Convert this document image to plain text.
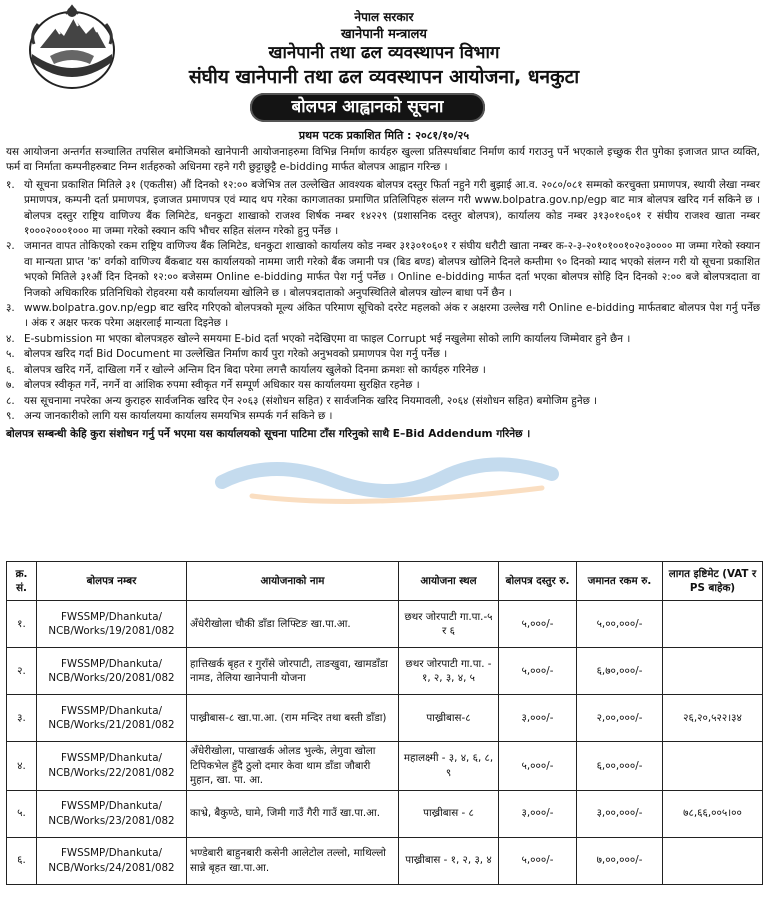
नेपाल सरकार
खानेपानी मन्त्रालय
खानेपानी तथा ढल व्यवस्थापन विभाग
संघीय खानेपानी तथा ढल व्यवस्थापन आयोजना, धनकुटा
बोलपत्र आह्वानको सूचना
प्रथम पटक प्रकाशित मिति : २०८१/१०/२५

यस आयोजना अन्तर्गत सञ्चालित तपसिल बमोजिमको खानेपानी आयोजनाहरुमा विभिन्न निर्माण कार्यहरु खुल्ला प्रतिस्पर्धाबाट निर्माण कार्य गराउनु पर्ने भएकाले इच्छुक रीत पुगेका इजाजत प्राप्त व्यक्ति, फर्म वा निर्माता कम्पनीहरुबाट निम्न शर्तहरुको अधिनमा रहने गरी छुट्टाछुट्टै e-bidding मार्फत बोलपत्र आह्वान गरिन्छ ।

१. यो सूचना प्रकाशित मितिले ३१ (एकतीस) औं दिनको १२:०० बजेभित्र तल उल्लेखित आवश्यक बोलपत्र दस्तुर फिर्ता नहुने गरी बुझाई आ.व. २०८०/०८१ सम्मको करचुक्ता प्रमाणपत्र, स्थायी लेखा नम्बर प्रमाणपत्र, कम्पनी दर्ता प्रमाणपत्र, इजाजत प्रमाणपत्र एवं म्याद थप गरेका कागजातका प्रमाणित प्रतिलिपिहरु संलग्न गरी www.bolpatra.gov.np/egp बाट मात्र बोलपत्र खरिद गर्न सकिने छ । बोलपत्र दस्तुर राष्ट्रिय वाणिज्य बैंक लिमिटेड, धनकुटा शाखाको राजश्व शिर्षक नम्बर १४२२९ (प्रशासनिक दस्तुर बोलपत्र), कार्यालय कोड नम्बर ३१३०१०६०१ र संघीय राजश्व खाता नम्बर १०००२०००१००० मा जम्मा गरेको स्क्यान कपि भौचर सहित संलग्न गरेको हुनु पर्नेछ ।
२. जमानत वापत तोकिएको रकम राष्ट्रिय वाणिज्य बैंक लिमिटेड, धनकुटा शाखाको कार्यालय कोड नम्बर ३१३०१०६०१ र संघीय धरौटी खाता नम्बर क-२-३-२०१०१००१०२०३०००० मा जम्मा गरेको स्क्यान वा मान्यता प्राप्त 'क' वर्गको वाणिज्य बैंकबाट यस कार्यालयको नाममा जारी गरेको बैंक जमानी पत्र (बिड बण्ड) बोलपत्र खोलिने दिनले कम्तीमा ९० दिनको म्याद भएको संलग्न गरी यो सूचना प्रकाशित भएको मितिले ३१औं दिन दिनको १२:०० बजेसम्म Online e-bidding मार्फत पेश गर्नु पर्नेछ । Online e-bidding मार्फत दर्ता भएका बोलपत्र सोहि दिन दिनको २:०० बजे बोलपत्रदाता वा निजको अधिकारिक प्रतिनिधिको रोहवरमा यसै कार्यालयमा खोलिने छ । बोलपत्रदाताको अनुपस्थितिले बोलपत्र खोल्न बाधा पर्ने छैन ।
३. www.bolpatra.gov.np/egp बाट खरिद गरिएको बोलपत्रको मूल्य अंकित परिमाण सूचिको दररेट महलको अंक र अक्षरमा उल्लेख गरी Online e-bidding मार्फतबाट बोलपत्र पेश गर्नु पर्नेछ । अंक र अक्षर फरक परेमा अक्षरलाई मान्यता दिइनेछ ।
४. E-submission मा भएका बोलपत्रहरु खोल्ने समयमा E-bid दर्ता भएको नदेखिएमा वा फाइल Corrupt भई नखुलेमा सोको लागि कार्यालय जिम्मेवार हुने छैन ।
५. बोलपत्र खरिद गर्दा Bid Document मा उल्लेखित निर्माण कार्य पुरा गरेको अनुभवको प्रमाणपत्र पेश गर्नु पर्नेछ ।
६. बोलपत्र खरिद गर्ने, दाखिला गर्ने र खोल्ने अन्तिम दिन बिदा परेमा लगत्तै कार्यालय खुलेको दिनमा क्रमशः सो कार्यहरु गरिनेछ ।
७. बोलपत्र स्वीकृत गर्ने, नगर्ने वा आंशिक रुपमा स्वीकृत गर्ने सम्पूर्ण अधिकार यस कार्यालयमा सुरक्षित रहनेछ ।
८. यस सूचनामा नपरेका अन्य कुराहरु सार्वजनिक खरिद ऐन २०६३ (संशोधन सहित) र सार्वजनिक खरिद नियमावली, २०६४ (संशोधन सहित) बमोजिम हुनेछ ।
९. अन्य जानकारीको लागि यस कार्यालयमा कार्यालय समयभित्र सम्पर्क गर्न सकिने छ ।

बोलपत्र सम्बन्धी केहि कुरा संशोधन गर्नु पर्ने भएमा यस कार्यालयको सूचना पाटिमा टाँस गरिनुको साथै E–Bid Addendum गरिनेछ ।

क्र. सं.	बोलपत्र नम्बर	आयोजनाको नाम	आयोजना स्थल	बोलपत्र दस्तुर रु.	जमानत रकम रु.	लागत इष्टिमेट (VAT र PS बाहेक)
१.	FWSSMP/Dhankuta/ NCB/Works/19/2081/082	अँधेरीखोला चौकी डाँडा लिफ्टिङ खा.पा.आ.	छथर जोरपाटी गा.पा.-५ र ६	५,०००/-	५,००,०००/-	
२.	FWSSMP/Dhankuta/ NCB/Works/20/2081/082	हात्तिखर्क बृहत र गुराँसे जोरपाटी, ताङखुवा, खामडाँडा नामड, तेलिया खानेपानी योजना	छथर जोरपाटी गा.पा. - १, २, ३, ४, ५	५,०००/-	६,७०,०००/-	
३.	FWSSMP/Dhankuta/ NCB/Works/21/2081/082	पाख्रीबास-८ खा.पा.आ. (राम मन्दिर तथा बस्ती डाँडा)	पाख्रीबास-८	३,०००/-	२,००,०००/-	२६,२०,५२२।३४
४.	FWSSMP/Dhankuta/ NCB/Works/22/2081/082	अँधेरीखोला, पाखाखर्क ओलड भुल्के, लेगुवा खोला टिपिकभेल हुँदै ठुलो दमार केवा थाम डाँडा जौबारी मुहान, खा. पा. आ.	महालक्ष्मी - ३, ४, ६, ८, ९	५,०००/-	६,००,०००/-	
५.	FWSSMP/Dhankuta/ NCB/Works/23/2081/082	काभ्रे, बैकुण्ठे, घामे, जिमी गाउँ गैरी गाउँ खा.पा.आ.	पाख्रीबास - ८	३,०००/-	३,००,०००/-	७८,६६,००५।००
६.	FWSSMP/Dhankuta/ NCB/Works/24/2081/082	भण्डेबारी बाहुनबारी कसेनी आलेटोल तल्लो, माथिल्लो सान्ने बृहत खा.पा.आ.	पाख्रीबास - १, २, ३, ४	५,०००/-	७,००,०००/-	
